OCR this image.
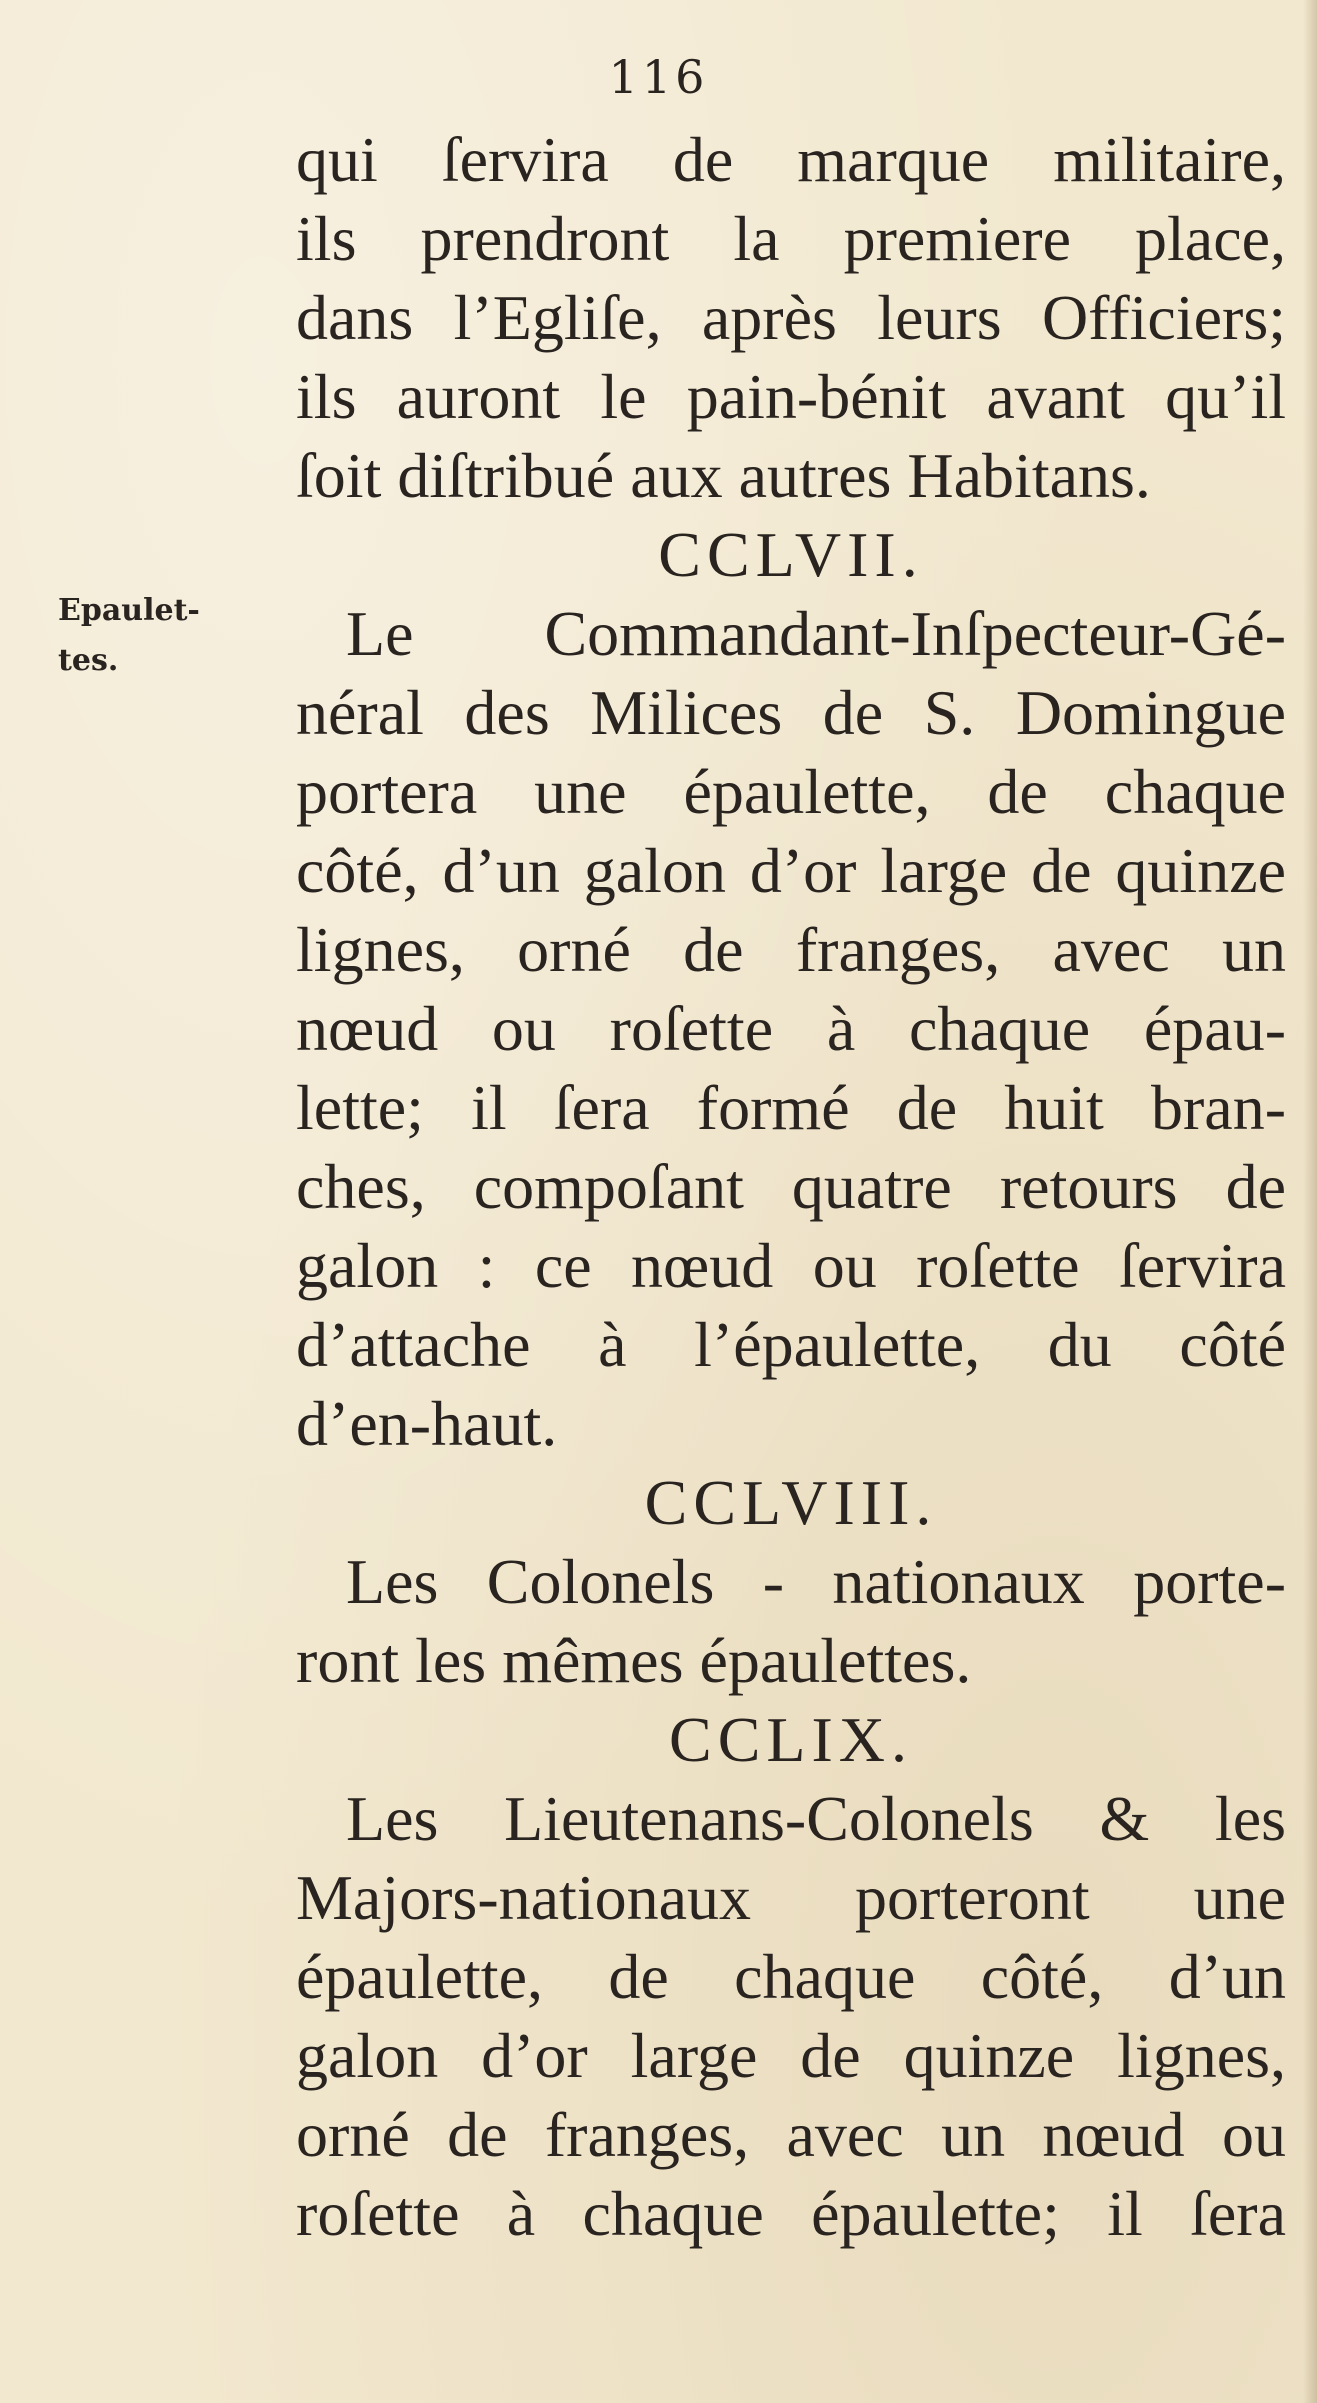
116
Epaulet-
tes.
qui ſervira de marque militaire,
ils prendront la premiere place,
dans l’Egliſe, après leurs Officiers;
ils auront le pain-bénit avant qu’il
ſoit diſtribué aux autres Habitans.
CCLVII.
Le Commandant-Inſpecteur-Gé-
néral des Milices de S. Domingue
portera une épaulette, de chaque
côté, d’un galon d’or large de quinze
lignes, orné de franges, avec un
nœud ou roſette à chaque épau-
lette; il ſera formé de huit bran-
ches, compoſant quatre retours de
galon : ce nœud ou roſette ſervira
d’attache à l’épaulette, du côté
d’en-haut.
CCLVIII.
Les Colonels - nationaux porte-
ront les mêmes épaulettes.
CCLIX.
Les Lieutenans-Colonels & les
Majors-nationaux porteront une
épaulette, de chaque côté, d’un
galon d’or large de quinze lignes,
orné de franges, avec un nœud ou
roſette à chaque épaulette; il ſera
